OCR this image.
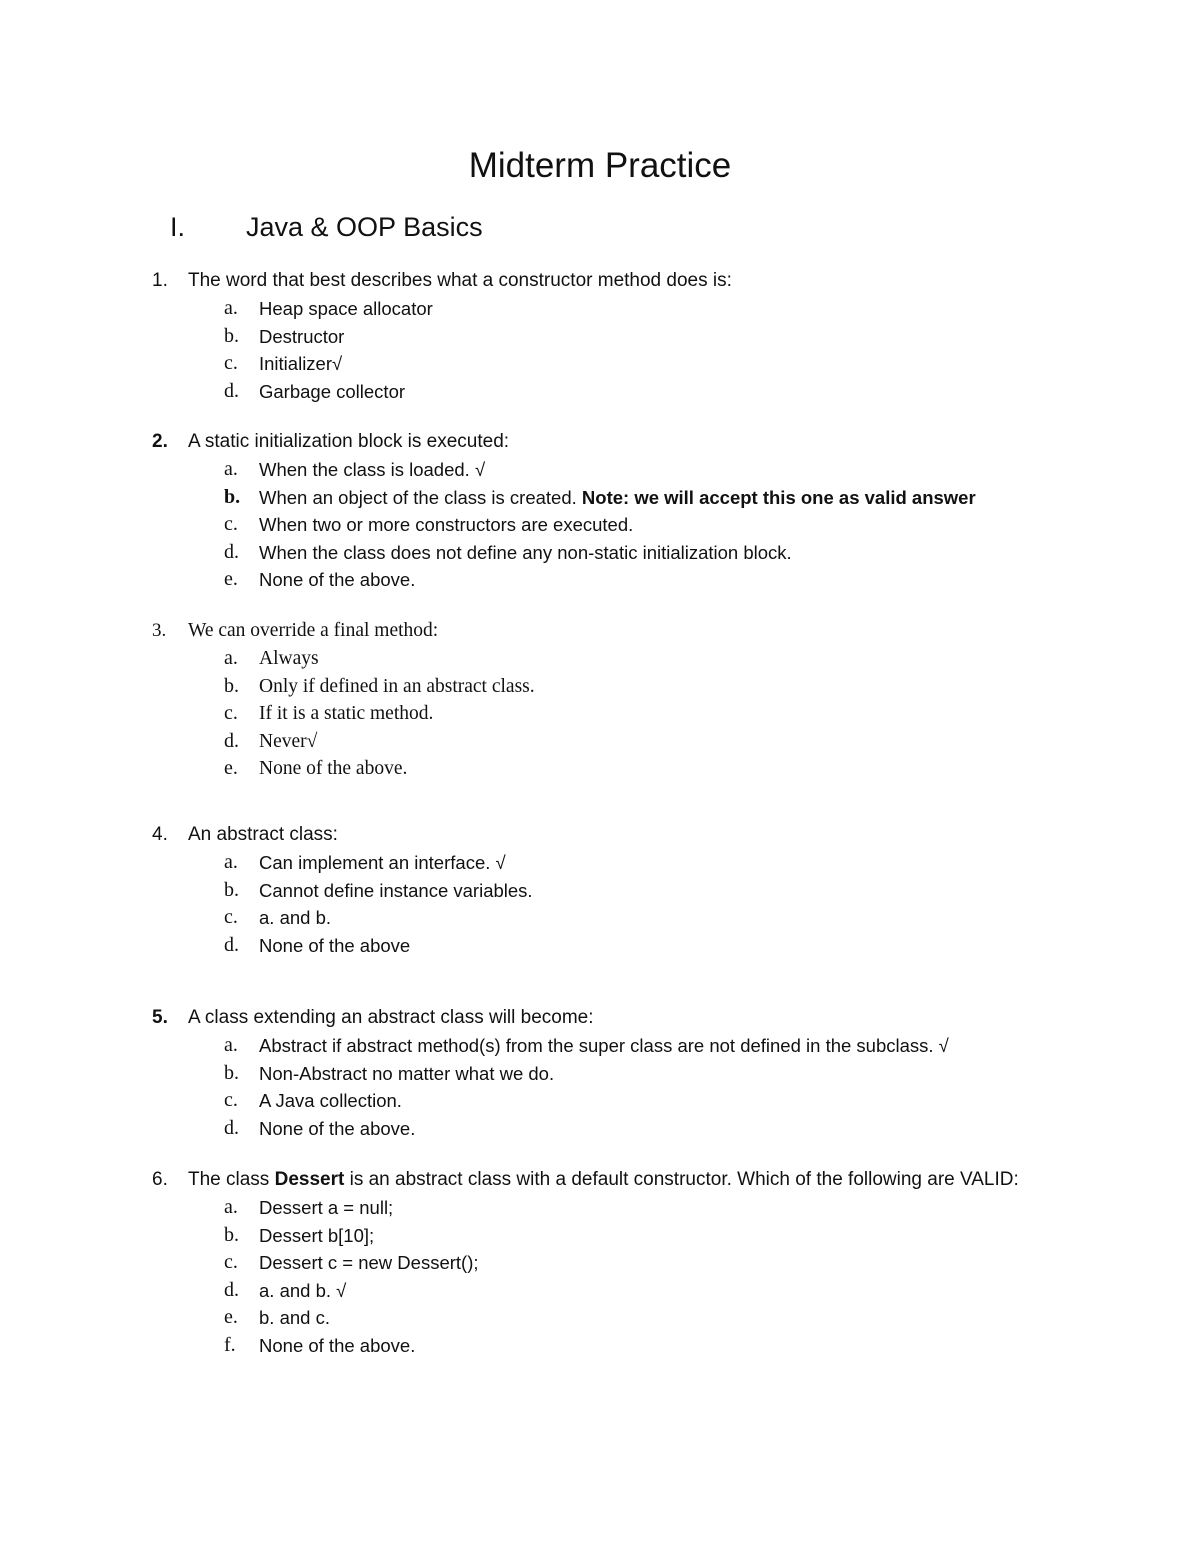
Midterm Practice
I. Java & OOP Basics
1.	The word that best describes what a constructor method does is:
a. Heap space allocator
b. Destructor
c. Initializer√
d. Garbage collector
2.	A static initialization block is executed:
a. When the class is loaded. √
b. When an object of the class is created. Note: we will accept this one as valid answer
c. When two or more constructors are executed.
d. When the class does not define any non-static initialization block.
e. None of the above.
3.	We can override a final method:
a. Always
b. Only if defined in an abstract class.
c. If it is a static method.
d. Never√
e. None of the above.
4.	An abstract class:
a. Can implement an interface. √
b. Cannot define instance variables.
c. a. and b.
d. None of the above
5.	A class extending an abstract class will become:
a. Abstract if abstract method(s) from the super class are not defined in the subclass. √
b. Non-Abstract no matter what we do.
c. A Java collection.
d. None of the above.
6.	The class Dessert is an abstract class with a default constructor. Which of the following are VALID:
a. Dessert a = null;
b. Dessert b[10];
c. Dessert c = new Dessert();
d. a. and b. √
e. b. and c.
f. None of the above.
